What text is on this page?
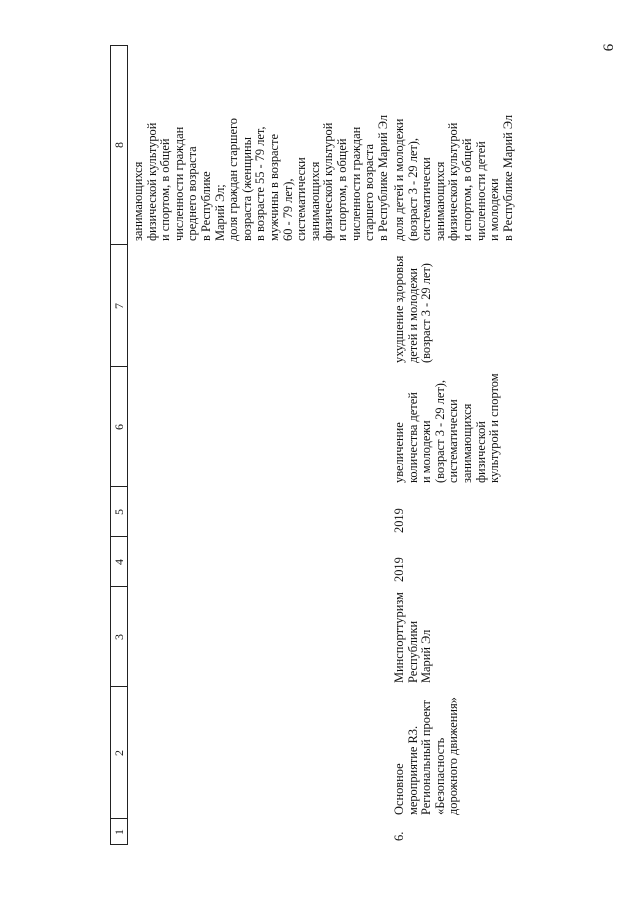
9
1
2
3
4
5
6
7
8
занимающихся
физической культурой
и спортом, в общей
численности граждан
среднего возраста
в Республике
Марий Эл;
доля граждан старшего
возраста (женщины
в возрасте 55 - 79 лет,
мужчины в возрасте
60 - 79 лет),
систематически
занимающихся
физической культурой
и спортом, в общей
численности граждан
старшего возраста
в Республике Марий Эл
6.
Основное
мероприятие R3.
Региональный проект
«Безопасность
дорожного движения»
Минспорттуризм
Республики
Марий Эл
2019
2019
увеличение
количества детей
и молодежи
(возраст 3 - 29 лет),
систематически
занимающихся
физической
культурой и спортом
ухудшение здоровья
детей и молодежи
(возраст 3 - 29 лет)
доля детей и молодежи
(возраст 3 - 29 лет),
систематически
занимающихся
физической культурой
и спортом, в общей
численности детей
и молодежи
в Республике Марий Эл
